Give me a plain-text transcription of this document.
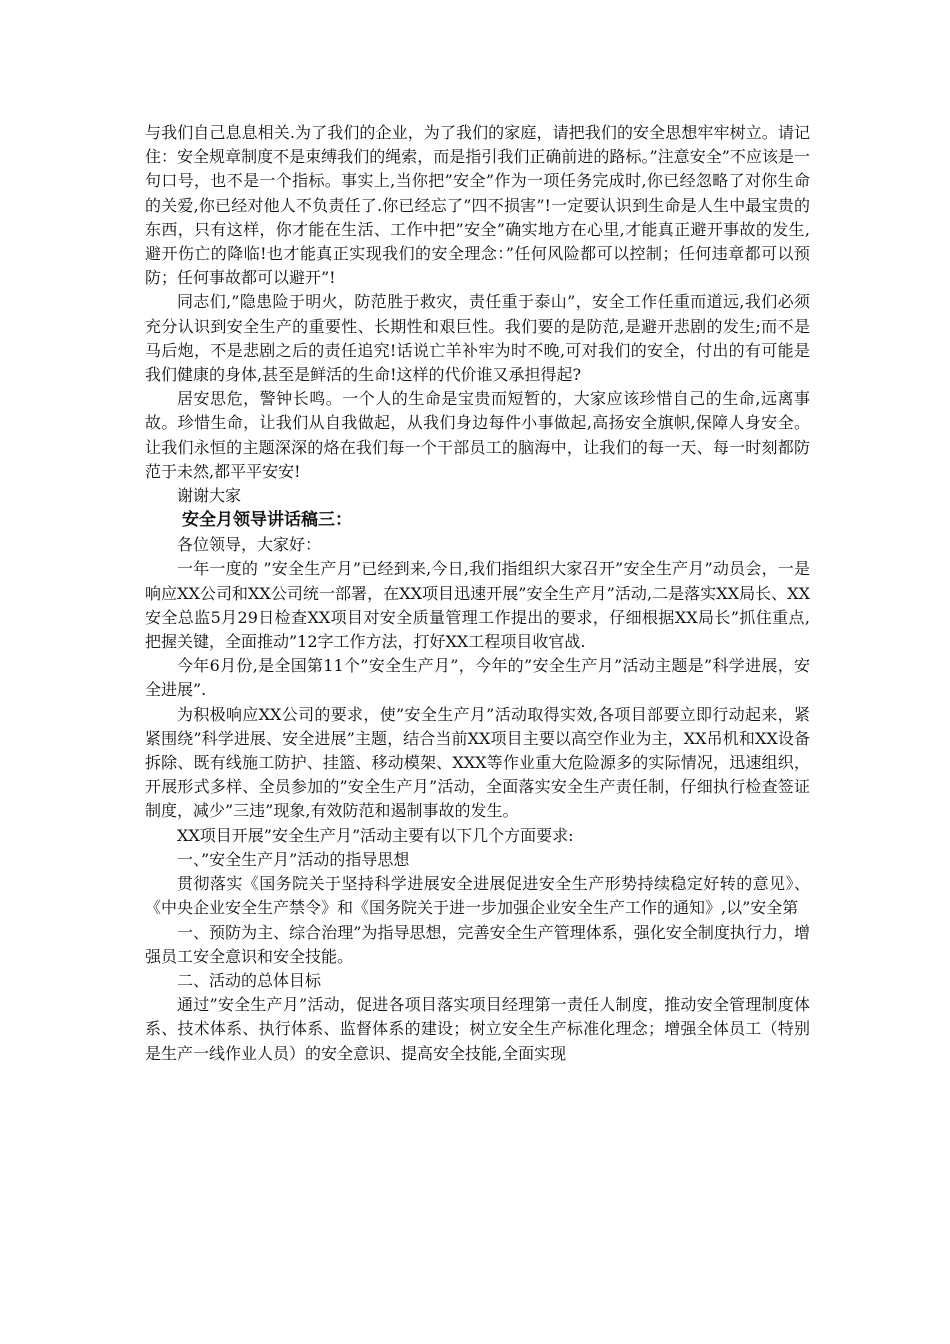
与我们自己息息相关.为了我们的企业，为了我们的家庭，请把我们的安全思想牢牢树立。请记住：安全规章制度不是束缚我们的绳索，而是指引我们正确前进的路标。”注意安全”不应该是一句口号，也不是一个指标。事实上,当你把”安全”作为一项任务完成时,你已经忽略了对你生命的关爱,你已经对他人不负责任了.你已经忘了”四不损害”!一定要认识到生命是人生中最宝贵的东西，只有这样，你才能在生活、工作中把”安全”确实地方在心里,才能真正避开事故的发生,避开伤亡的降临!也才能真正实现我们的安全理念：”任何风险都可以控制；任何违章都可以预防；任何事故都可以避开”!

同志们,”隐患险于明火，防范胜于救灾，责任重于泰山”，安全工作任重而道远,我们必须充分认识到安全生产的重要性、长期性和艰巨性。我们要的是防范,是避开悲剧的发生;而不是马后炮，不是悲剧之后的责任追究!话说亡羊补牢为时不晚,可对我们的安全，付出的有可能是我们健康的身体,甚至是鲜活的生命!这样的代价谁又承担得起?

居安思危，警钟长鸣。一个人的生命是宝贵而短暂的，大家应该珍惜自己的生命,远离事故。珍惜生命，让我们从自我做起，从我们身边每件小事做起,高扬安全旗帜,保障人身安全。让我们永恒的主题深深的烙在我们每一个干部员工的脑海中，让我们的每一天、每一时刻都防范于未然,都平平安安!

谢谢大家

安全月领导讲话稿三：

各位领导，大家好：

一年一度的 ”安全生产月”已经到来,今日,我们指组织大家召开”安全生产月”动员会，一是响应XX公司和XX公司统一部署，在XX项目迅速开展”安全生产月”活动,二是落实XX局长、XX安全总监5月29日检查XX项目对安全质量管理工作提出的要求，仔细根据XX局长”抓住重点,把握关键，全面推动”12字工作方法，打好XX工程项目收官战.

今年6月份,是全国第11个”安全生产月”，今年的”安全生产月”活动主题是”科学进展，安全进展”.

为积极响应XX公司的要求，使”安全生产月”活动取得实效,各项目部要立即行动起来，紧紧围绕”科学进展、安全进展”主题，结合当前XX项目主要以高空作业为主，XX吊机和XX设备拆除、既有线施工防护、挂篮、移动模架、XXX等作业重大危险源多的实际情况，迅速组织，开展形式多样、全员参加的”安全生产月”活动，全面落实安全生产责任制，仔细执行检查签证制度，减少”三违”现象,有效防范和遏制事故的发生。

XX项目开展”安全生产月”活动主要有以下几个方面要求:

一、”安全生产月”活动的指导思想

贯彻落实《国务院关于坚持科学进展安全进展促进安全生产形势持续稳定好转的意见》、《中央企业安全生产禁令》和《国务院关于进一步加强企业安全生产工作的通知》,以”安全第

一、预防为主、综合治理”为指导思想，完善安全生产管理体系，强化安全制度执行力，增强员工安全意识和安全技能。

二、活动的总体目标

通过”安全生产月”活动，促进各项目落实项目经理第一责任人制度，推动安全管理制度体系、技术体系、执行体系、监督体系的建设；树立安全生产标准化理念；增强全体员工（特别是生产一线作业人员）的安全意识、提高安全技能,全面实现
